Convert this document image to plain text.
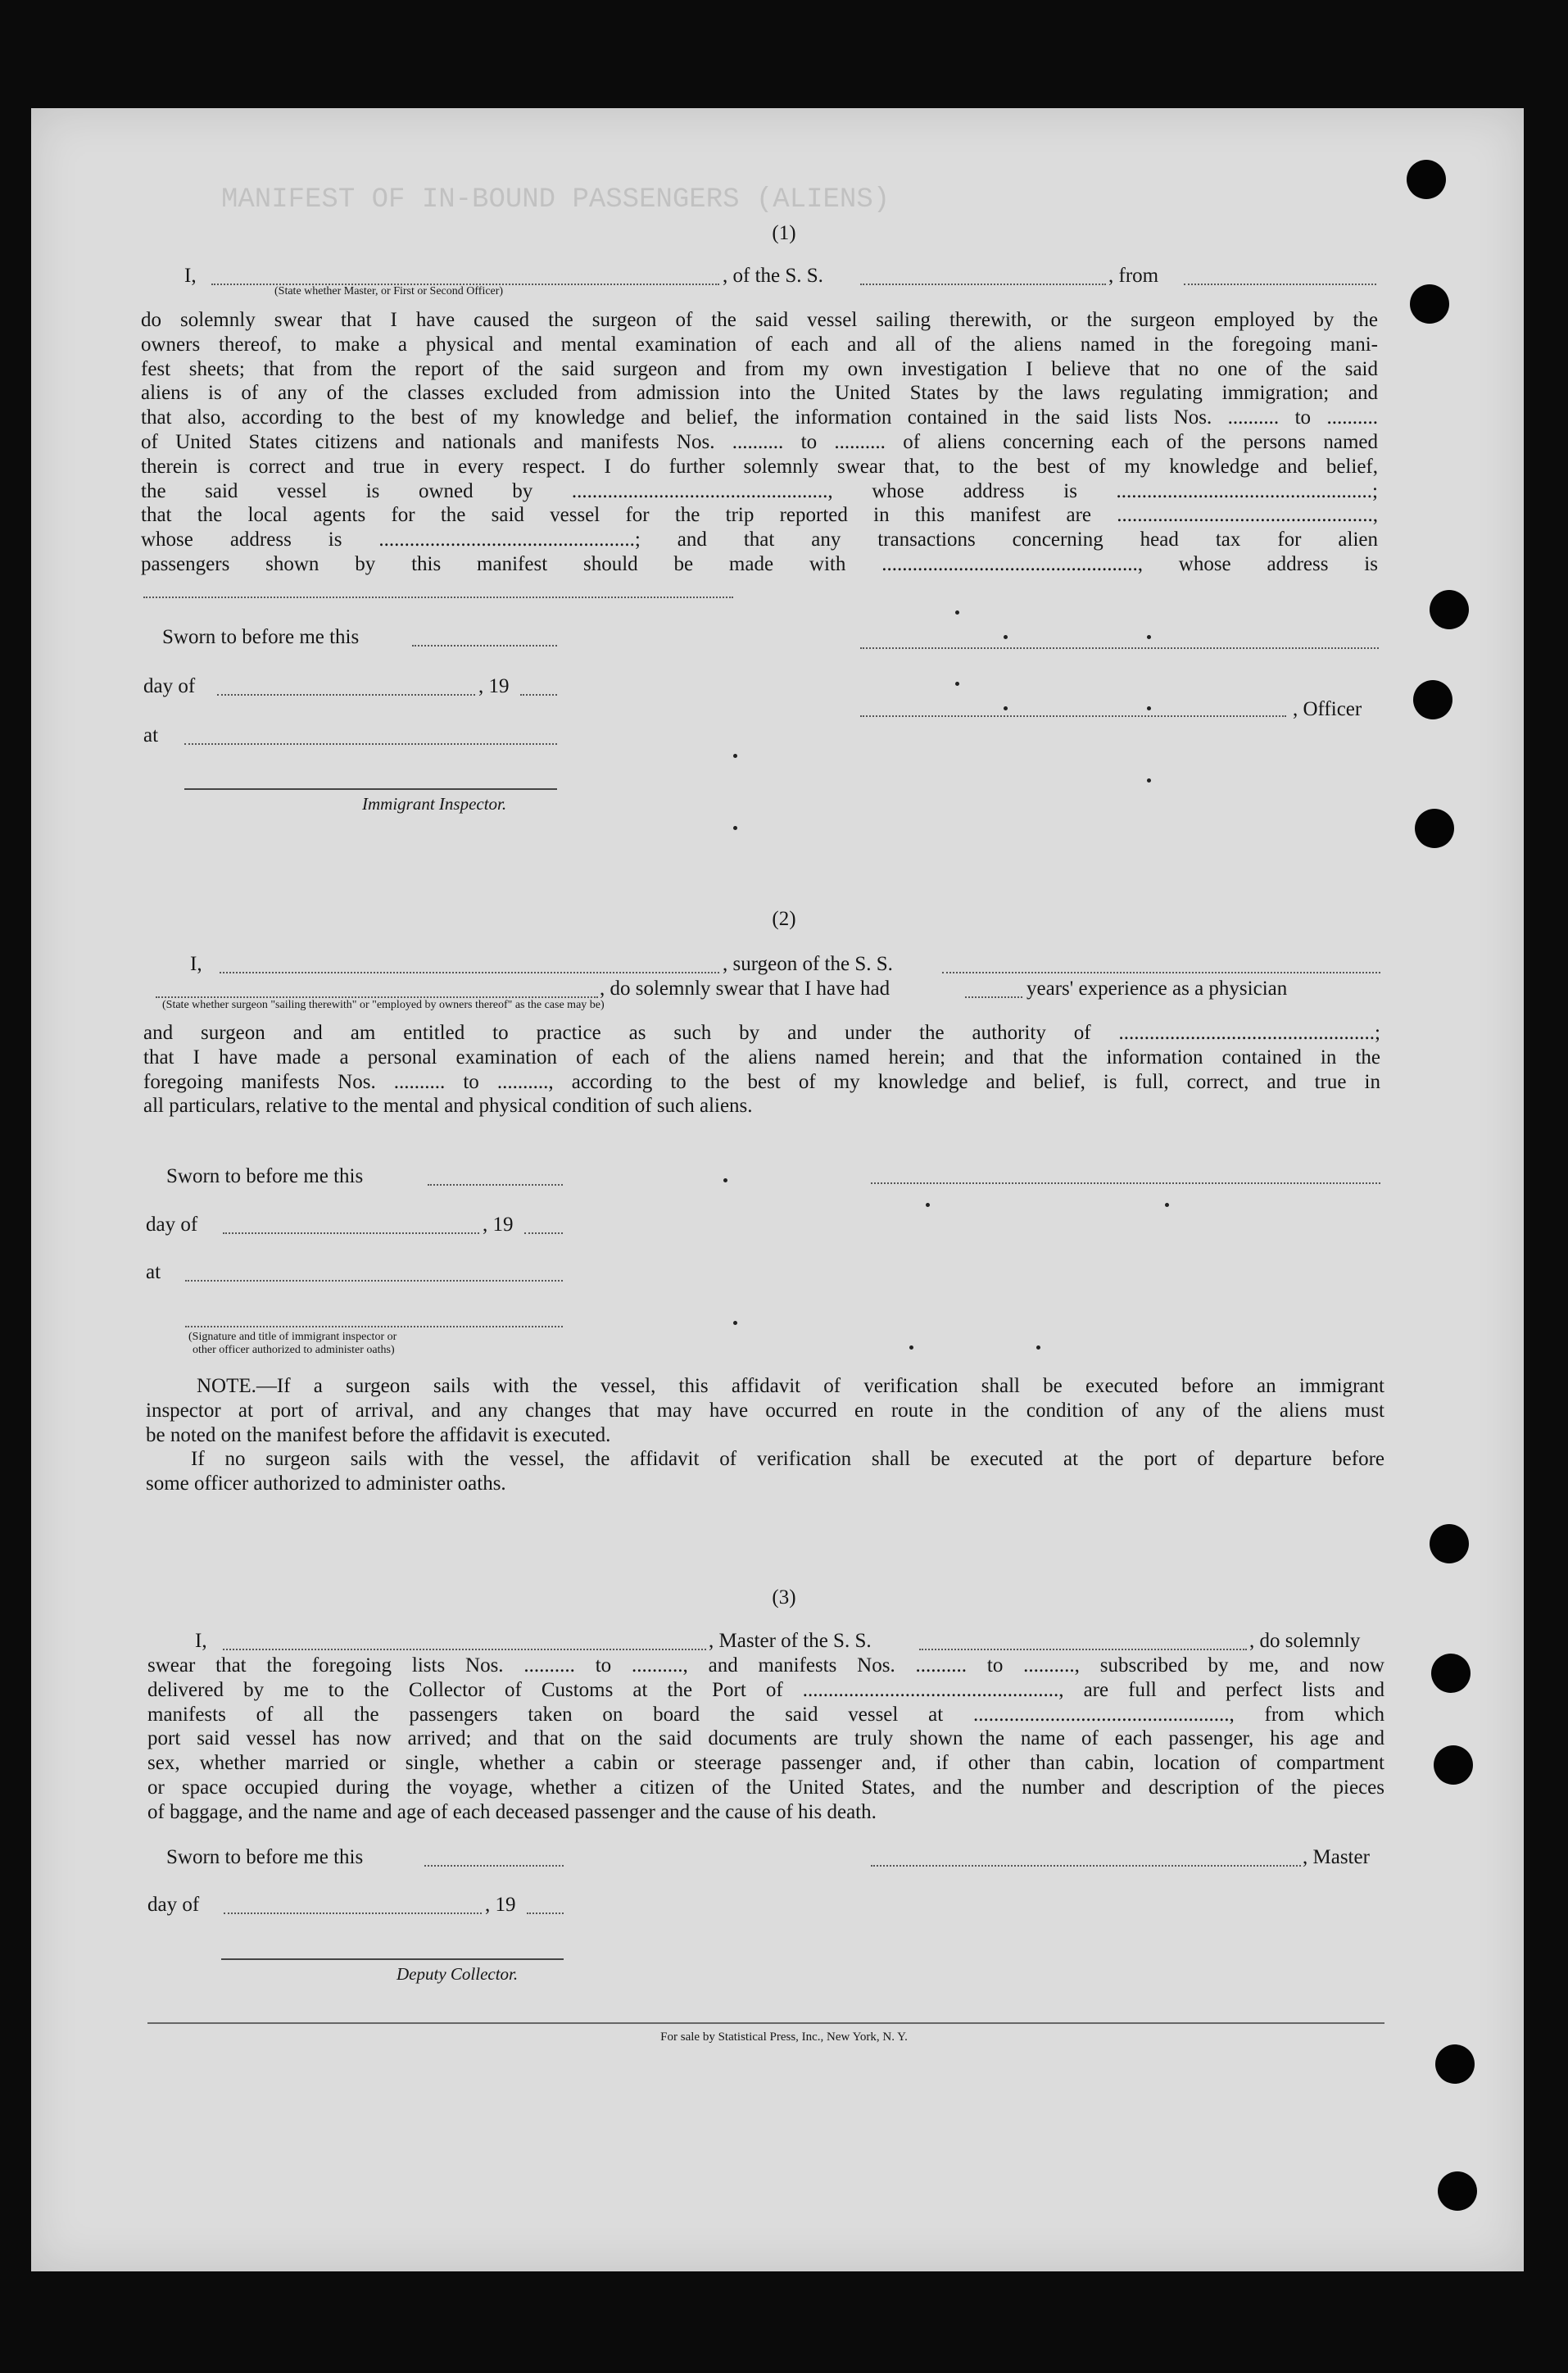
MANIFEST OF IN-BOUND PASSENGERS (ALIENS)
(1)
I,
(State whether Master, or First or Second Officer)
, of the S. S.	, from
do solemnly swear that I have caused the surgeon of the said vessel sailing therewith, or the surgeon employed by the
owners thereof, to make a physical and mental examination of each and all of the aliens named in the foregoing mani-
fest sheets; that from the report of the said surgeon and from my own investigation I believe that no one of the said
aliens is of any of the classes excluded from admission into the United States by the laws regulating immigration; and
that also, according to the best of my knowledge and belief, the information contained in the said lists Nos. .......... to ..........
of United States citizens and nationals and manifests Nos. .......... to .......... of aliens concerning each of the persons named
therein is correct and true in every respect. I do further solemnly swear that, to the best of my knowledge and belief,
the said vessel is owned by .................................................., whose address is ..................................................;
that the local agents for the said vessel for the trip reported in this manifest are ..................................................,
whose address is ..................................................; and that any transactions concerning head tax for alien
passengers shown by this manifest should be made with .................................................., whose address is
Sworn to before me this
day of	, 19
at
Immigrant Inspector.
, Officer
(2)
I,	, surgeon of the S. S.
, do solemnly swear that I have had	years' experience as a physician
(State whether surgeon "sailing therewith" or "employed by owners thereof" as the case may be)
and surgeon and am entitled to practice as such by and under the authority of ..................................................;
that I have made a personal examination of each of the aliens named herein; and that the information contained in the
foregoing manifests Nos. .......... to .........., according to the best of my knowledge and belief, is full, correct, and true in
all particulars, relative to the mental and physical condition of such aliens.
Sworn to before me this
day of	, 19
at
(Signature and title of immigrant inspector or
other officer authorized to administer oaths)
NOTE.—If a surgeon sails with the vessel, this affidavit of verification shall be executed before an immigrant
inspector at port of arrival, and any changes that may have occurred en route in the condition of any of the aliens must
be noted on the manifest before the affidavit is executed.
If no surgeon sails with the vessel, the affidavit of verification shall be executed at the port of departure before
some officer authorized to administer oaths.
(3)
I,	, Master of the S. S.	, do solemnly
swear that the foregoing lists Nos. .......... to .........., and manifests Nos. .......... to .........., subscribed by me, and now
delivered by me to the Collector of Customs at the Port of .................................................., are full and perfect lists and
manifests of all the passengers taken on board the said vessel at .................................................., from which
port said vessel has now arrived; and that on the said documents are truly shown the name of each passenger, his age and
sex, whether married or single, whether a cabin or steerage passenger and, if other than cabin, location of compartment
or space occupied during the voyage, whether a citizen of the United States, and the number and description of the pieces
of baggage, and the name and age of each deceased passenger and the cause of his death.
Sworn to before me this
day of	, 19
Deputy Collector.
, Master
For sale by Statistical Press, Inc., New York, N. Y.
